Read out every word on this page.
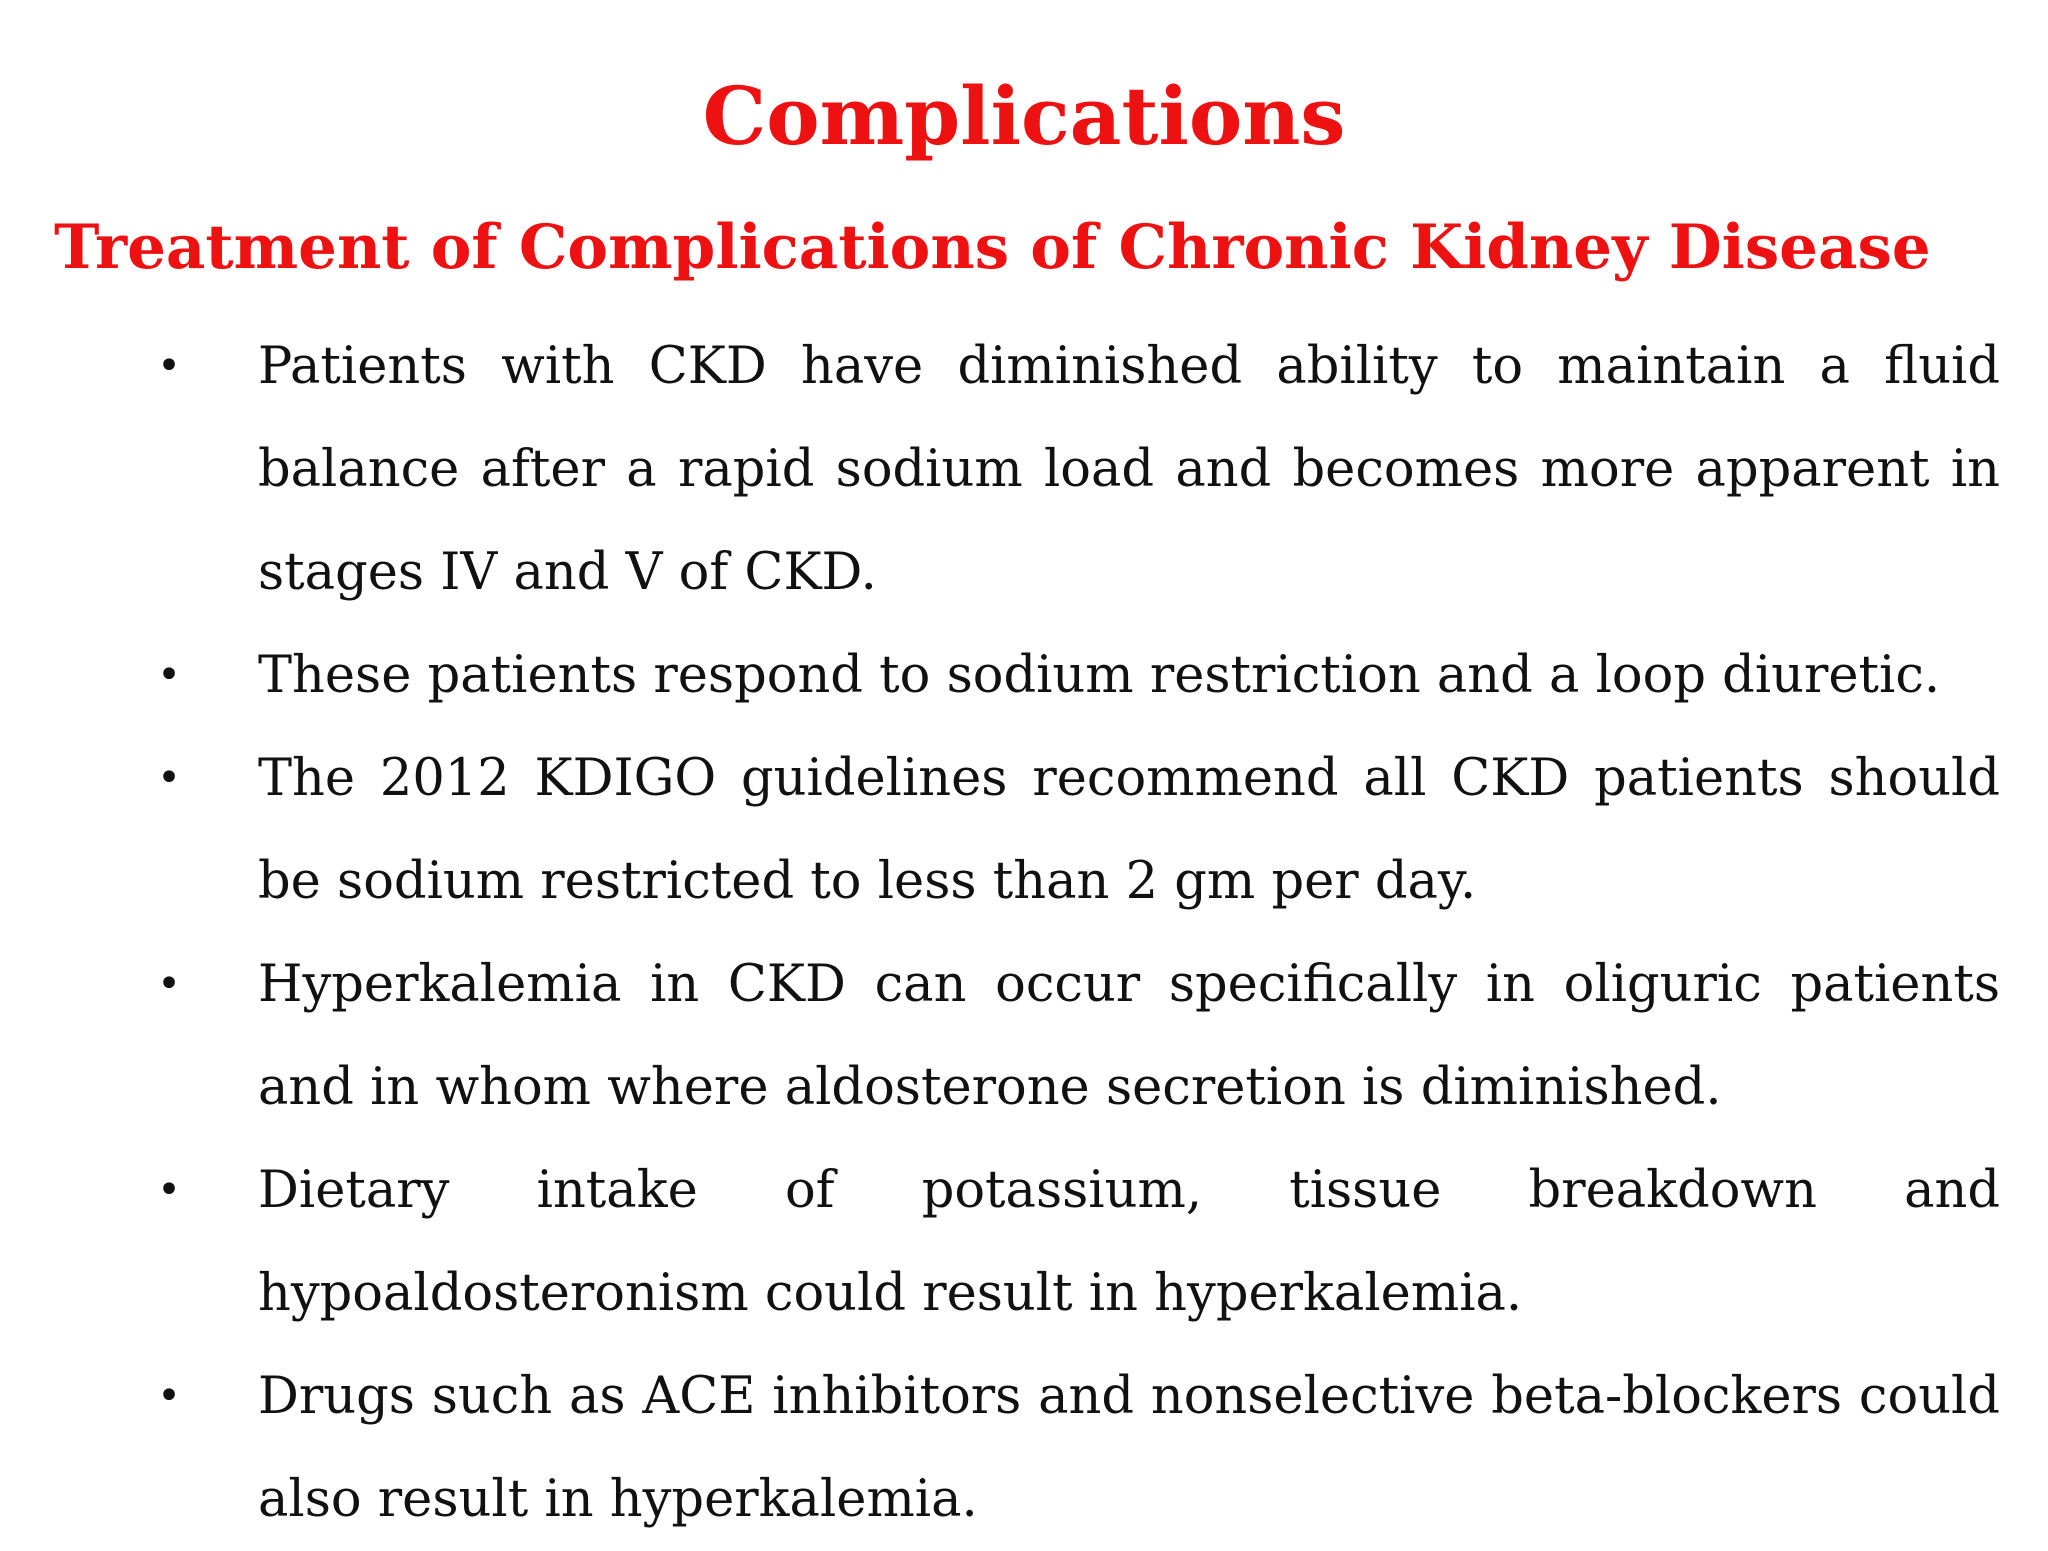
Complications
Treatment of Complications of Chronic Kidney Disease
• Patients with CKD have diminished ability to maintain a fluid balance after a rapid sodium load and becomes more apparent in stages IV and V of CKD.
• These patients respond to sodium restriction and a loop diuretic.
• The 2012 KDIGO guidelines recommend all CKD patients should be sodium restricted to less than 2 gm per day.
• Hyperkalemia in CKD can occur specifically in oliguric patients and in whom where aldosterone secretion is diminished.
• Dietary intake of potassium, tissue breakdown and hypoaldosteronism could result in hyperkalemia.
• Drugs such as ACE inhibitors and nonselective beta-blockers could also result in hyperkalemia.
